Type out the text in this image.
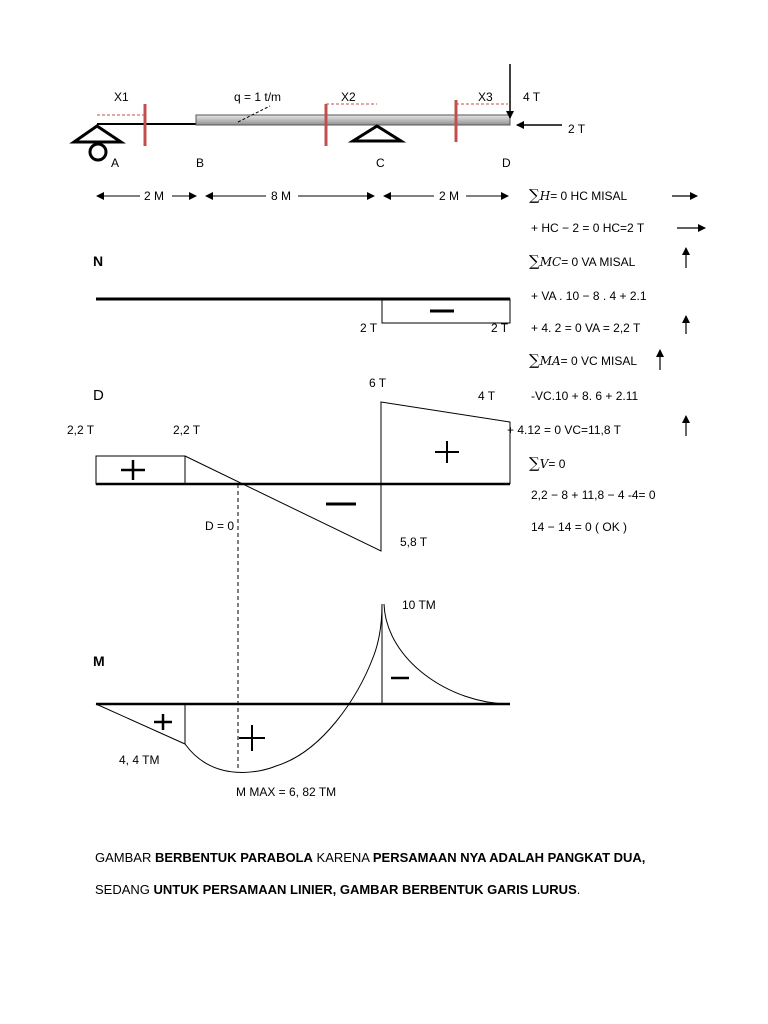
X1	X2	X3
q = 1 t/m	4 T
2 T
A	B	C	D
2 M	8 M	2 M
N
2 T	2 T
D
2,2 T	2,2 T
6 T
4 T
D = 0
5,8 T
M
10 TM
4, 4 TM
M MAX = 6, 82 TM
∑H= 0 HC MISAL
+ HC − 2 = 0 HC=2 T
∑MC= 0 VA MISAL
+ VA . 10 − 8 . 4 + 2.1
+ 4. 2 = 0 VA = 2,2 T
∑MA= 0 VC MISAL
-VC.10 + 8. 6 + 2.11
+ 4.12 = 0 VC=11,8 T
∑V= 0
2,2 − 8 + 11,8 − 4 -4= 0
14 − 14 = 0 ( OK )

GAMBAR BERBENTUK PARABOLA KARENA PERSAMAAN NYA ADALAH PANGKAT DUA,

SEDANG UNTUK PERSAMAAN LINIER, GAMBAR BERBENTUK GARIS LURUS.
